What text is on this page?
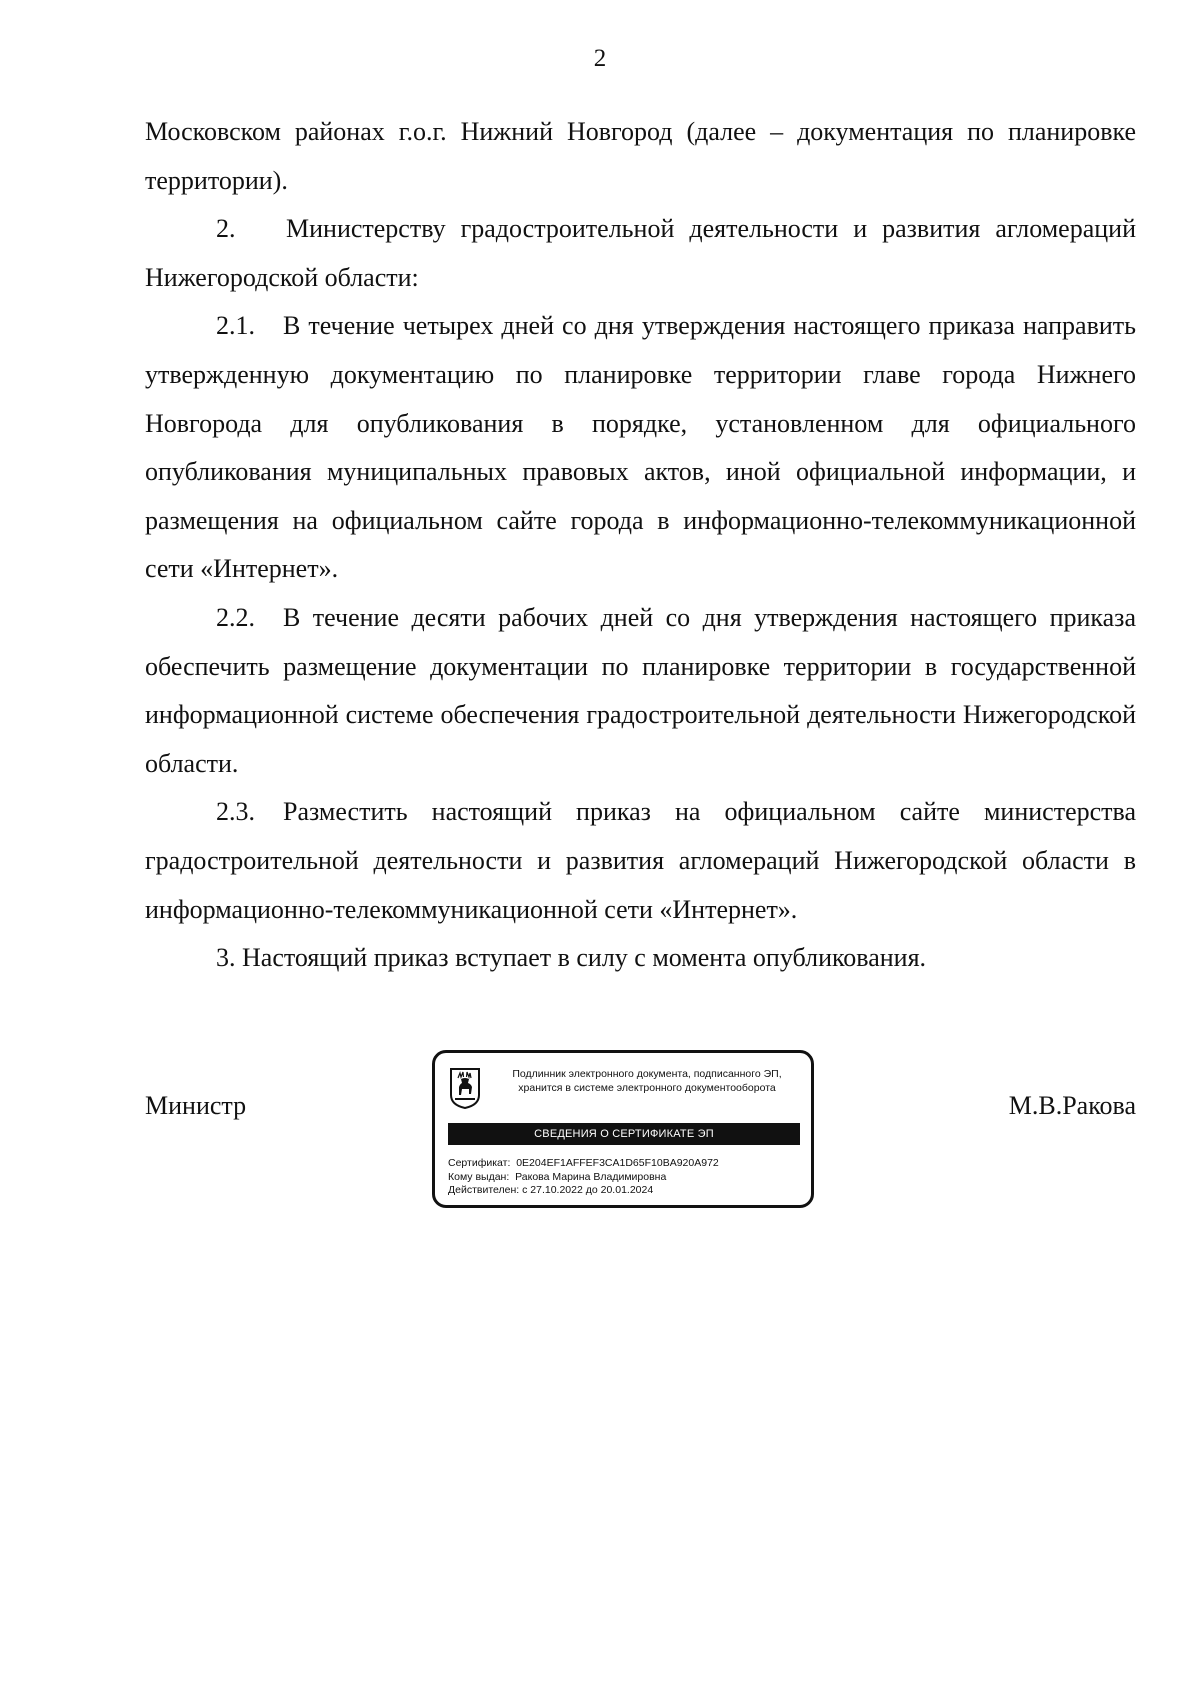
2

Московском районах г.о.г. Нижний Новгород (далее – документация по планировке территории).

2. Министерству градостроительной деятельности и развития агломераций Нижегородской области:

2.1. В течение четырех дней со дня утверждения настоящего приказа направить утвержденную документацию по планировке территории главе города Нижнего Новгорода для опубликования в порядке, установленном для официального опубликования муниципальных правовых актов, иной официальной информации, и размещения на официальном сайте города в информационно-телекоммуникационной сети «Интернет».

2.2. В течение десяти рабочих дней со дня утверждения настоящего приказа обеспечить размещение документации по планировке территории в государственной информационной системе обеспечения градостроительной деятельности Нижегородской области.

2.3. Разместить настоящий приказ на официальном сайте министерства градостроительной деятельности и развития агломераций Нижегородской области в информационно-телекоммуникационной сети «Интернет».

3. Настоящий приказ вступает в силу с момента опубликования.

Министр
Подлинник электронного документа, подписанного ЭП,
хранится в системе электронного документооборота
СВЕДЕНИЯ О СЕРТИФИКАТЕ ЭП
Сертификат: 0E204EF1AFFEF3CA1D65F10BA920A972
Кому выдан: Ракова Марина Владимировна
Действителен: с 27.10.2022 до 20.01.2024
М.В.Ракова
